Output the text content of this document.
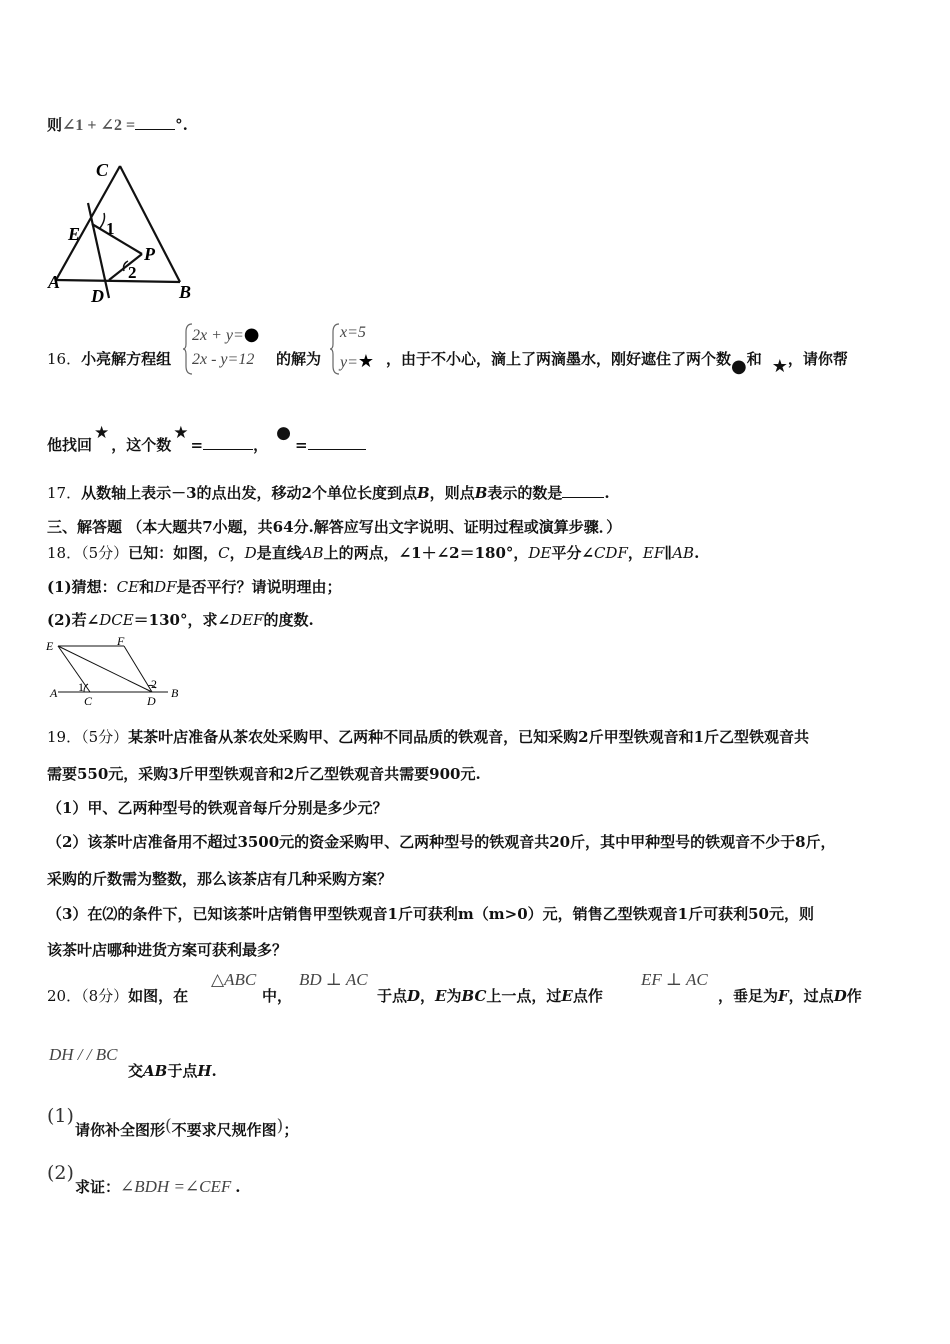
则∠1 + ∠2 =	°.
C
E
P
A
D	B
1
2
16．小亮解方程组
2x + y=●
2x - y=12 的解为
x=5
y=★ ，由于不小心，滴上了两滴墨水，刚好遮住了两个数●和 ★，请你帮
他找回★，这个数★=	，●=
17．从数轴上表示－3的点出发，移动2个单位长度到点B，则点B表示的数是	.
三、解答题 （本大题共7小题，共64分.解答应写出文字说明、证明过程或演算步骤．）
18．（5分）已知：如图，C，D是直线AB上的两点，∠1＋∠2＝180°，DE平分∠CDF，EF∥AB.
(1)猜想：CE和DF是否平行？请说明理由；
(2)若∠DCE＝130°，求∠DEF的度数.
E	F
A 1
C	D
2
B
19．（5分）某茶叶店准备从茶农处采购甲、乙两种不同品质的铁观音，已知采购2斤甲型铁观音和1斤乙型铁观音共
需要550元，采购3斤甲型铁观音和2斤乙型铁观音共需要900元.
（1）甲、乙两种型号的铁观音每斤分别是多少元？
（2）该茶叶店准备用不超过3500元的资金采购甲、乙两种型号的铁观音共20斤，其中甲种型号的铁观音不少于8斤，
采购的斤数需为整数，那么该茶店有几种采购方案？
（3）在⑵的条件下，已知该茶叶店销售甲型铁观音1斤可获利m（m>0）元，销售乙型铁观音1斤可获利50元，则
该茶叶店哪种进货方案可获利最多？
20．（8分）如图，在
△ABC
中，
BD ⊥ AC
于点D，E为BC上一点，过E点作
EF ⊥ AC
，垂足为F，过点D作
DH / / BC
交AB于点H.
(1)
请你补全图形(不要求尺规作图)；
(2)
求证：∠BDH =∠CEF .
